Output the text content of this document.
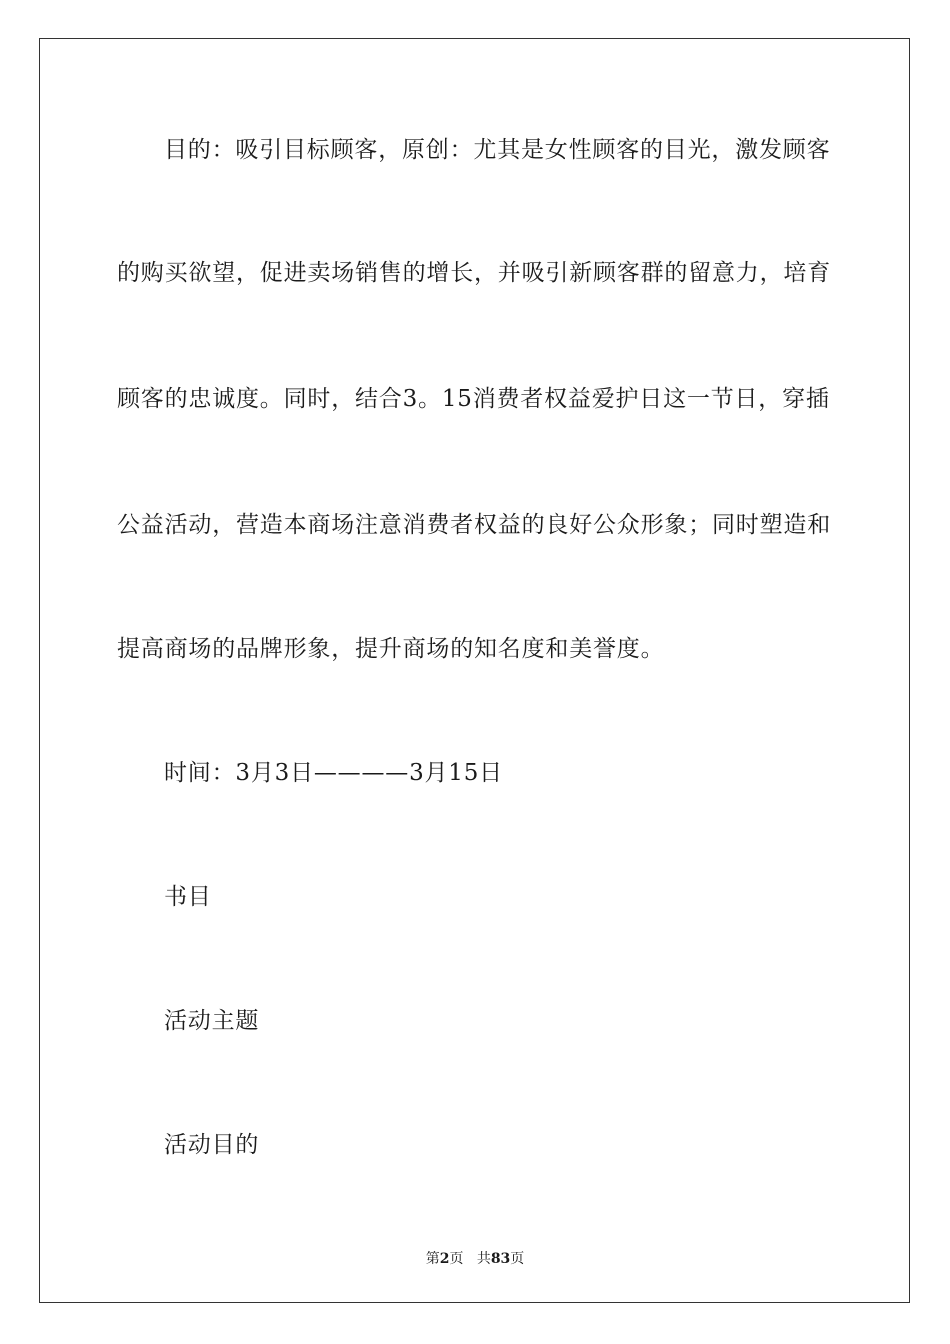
目的：吸引目标顾客，原创：尤其是女性顾客的目光，激发顾客
的购买欲望，促进卖场销售的增长，并吸引新顾客群的留意力，培育
顾客的忠诚度。同时，结合3。15消费者权益爱护日这一节日，穿插
公益活动，营造本商场注意消费者权益的良好公众形象；同时塑造和
提高商场的品牌形象，提升商场的知名度和美誉度。
时间：3月3日————3月15日
书目
活动主题
活动目的
第2页 共83页
